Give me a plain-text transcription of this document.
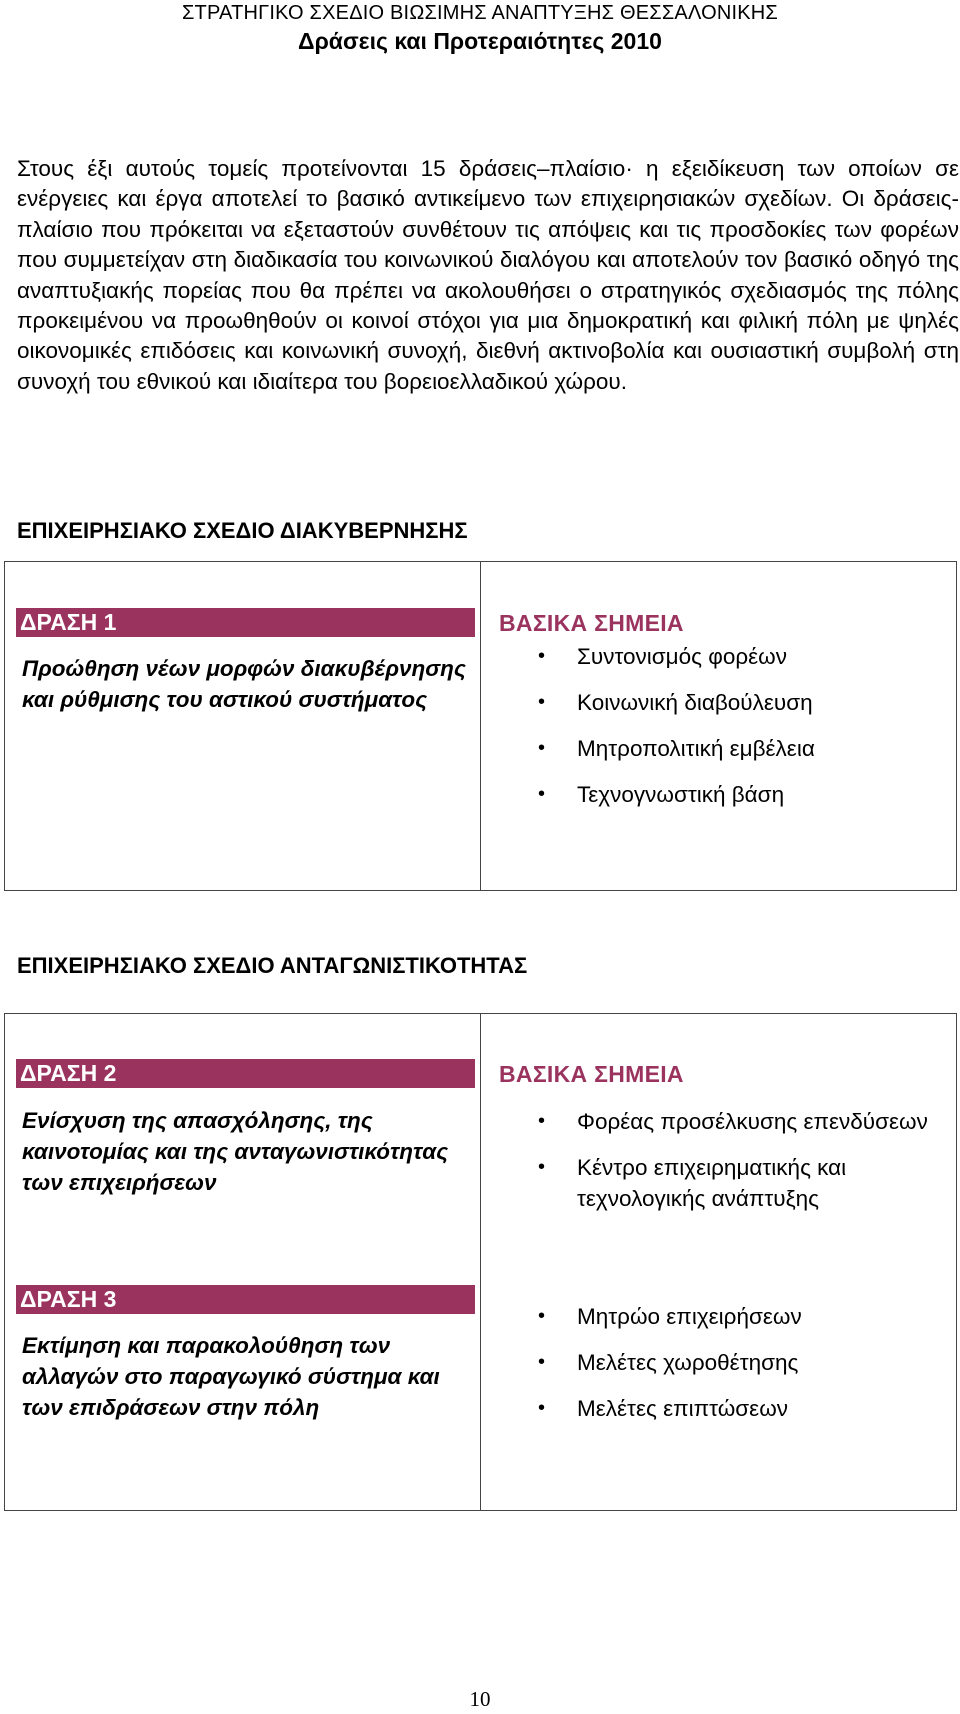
ΣΤΡΑΤΗΓΙΚΟ ΣΧΕΔΙΟ ΒΙΩΣΙΜΗΣ ΑΝΑΠΤΥΞΗΣ ΘΕΣΣΑΛΟΝΙΚΗΣ
Δράσεις και Προτεραιότητες 2010

Στους έξι αυτούς τομείς προτείνονται 15 δράσεις–πλαίσιο· η εξειδίκευση των οποίων σε ενέργειες και έργα αποτελεί το βασικό αντικείμενο των επιχειρησιακών σχεδίων. Οι δράσεις-πλαίσιο που πρόκειται να εξεταστούν συνθέτουν τις απόψεις και τις προσδοκίες των φορέων που συμμετείχαν στη διαδικασία του κοινωνικού διαλόγου και αποτελούν τον βασικό οδηγό της αναπτυξιακής πορείας που θα πρέπει να ακολουθήσει ο στρατηγικός σχεδιασμός της πόλης προκειμένου να προωθηθούν οι κοινοί στόχοι για μια δημοκρατική και φιλική πόλη με ψηλές οικονομικές επιδόσεις και κοινωνική συνοχή, διεθνή ακτινοβολία και ουσιαστική συμβολή στη συνοχή του εθνικού και ιδιαίτερα του βορειοελλαδικού χώρου.

ΕΠΙΧΕΙΡΗΣΙΑΚΟ ΣΧΕΔΙΟ ΔΙΑΚΥΒΕΡΝΗΣΗΣ
ΔΡΑΣΗ 1

Προώθηση νέων μορφών διακυβέρνησης και ρύθμισης του αστικού συστήματος

ΒΑΣΙΚΑ ΣΗΜΕΙΑ
• Συντονισμός φορέων
• Κοινωνική διαβούλευση
• Μητροπολιτική εμβέλεια
• Τεχνογνωστική βάση
ΕΠΙΧΕΙΡΗΣΙΑΚΟ ΣΧΕΔΙΟ ΑΝΤΑΓΩΝΙΣΤΙΚΟΤΗΤΑΣ
ΔΡΑΣΗ 2

Ενίσχυση της απασχόλησης, της καινοτομίας και της ανταγωνιστικότητας των επιχειρήσεων

ΒΑΣΙΚΑ ΣΗΜΕΙΑ
• Φορέας προσέλκυσης επενδύσεων
• Κέντρο επιχειρηματικής και τεχνολογικής ανάπτυξης
ΔΡΑΣΗ 3

Εκτίμηση και παρακολούθηση των αλλαγών στο παραγωγικό σύστημα και των επιδράσεων στην πόλη

• Μητρώο επιχειρήσεων
• Μελέτες χωροθέτησης
• Μελέτες επιπτώσεων
10
